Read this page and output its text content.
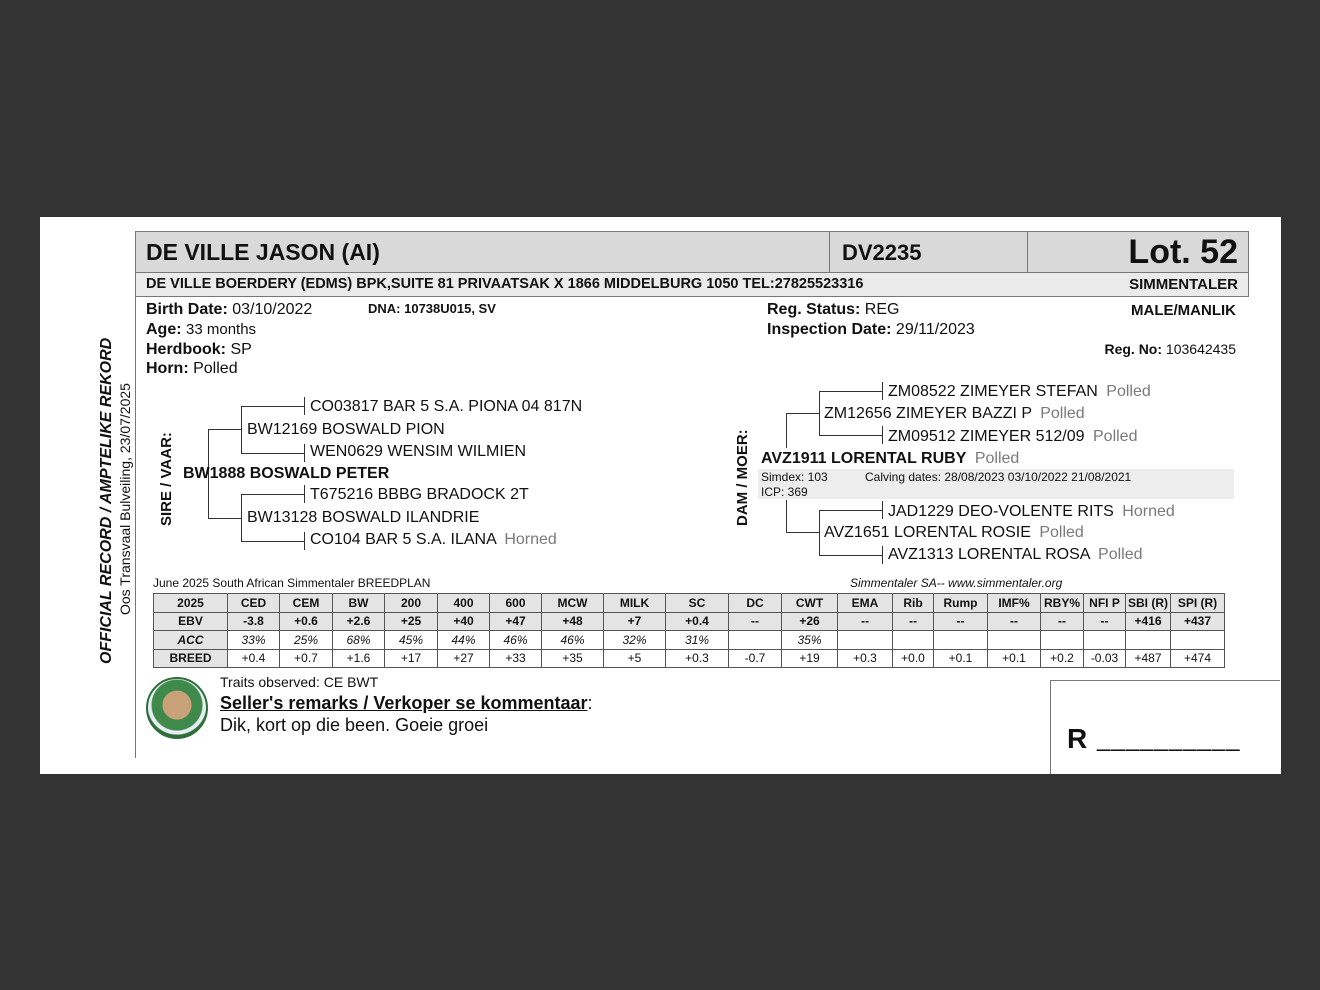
DE VILLE JASON (AI)	DV2235	Lot. 52
DE VILLE BOERDERY (EDMS) BPK,SUITE 81 PRIVAATSAK X 1866 MIDDELBURG 1050 TEL:27825523316	SIMMENTALER
Birth Date: 03/10/2022	DNA: 10738U015, SV
Age: 33 months
Herdbook: SP
Horn: Polled
Reg. Status: REG
Inspection Date: 29/11/2023
MALE/MANLIK
Reg. No: 103642435
SIRE / VAAR:
CO03817 BAR 5 S.A. PIONA 04 817N
BW12169 BOSWALD PION
WEN0629 WENSIM WILMIEN
BW1888 BOSWALD PETER
T675216 BBBG BRADOCK 2T
BW13128 BOSWALD ILANDRIE
CO104 BAR 5 S.A. ILANA Horned
DAM / MOER:
ZM08522 ZIMEYER STEFAN Polled
ZM12656 ZIMEYER BAZZI P Polled
ZM09512 ZIMEYER 512/09 Polled
AVZ1911 LORENTAL RUBY Polled
Simdex: 103
ICP: 369
Calving dates: 28/08/2023 03/10/2022 21/08/2021
JAD1229 DEO-VOLENTE RITS Horned
AVZ1651 LORENTAL ROSIE Polled
AVZ1313 LORENTAL ROSA Polled
June 2025 South African Simmentaler BREEDPLAN	Simmentaler SA-- www.simmentaler.org
2025	CED	CEM	BW	200	400	600	MCW	MILK	SC	DC	CWT	EMA	Rib	Rump	IMF%	RBY%	NFI P	SBI (R)	SPI (R)
EBV	-3.8	+0.6	+2.6	+25	+40	+47	+48	+7	+0.4	--	+26	--	--	--	--	--	--	+416	+437
ACC	33%	25%	68%	45%	44%	46%	46%	32%	31%		35%								
BREED	+0.4	+0.7	+1.6	+17	+27	+33	+35	+5	+0.3	-0.7	+19	+0.3	+0.0	+0.1	+0.1	+0.2	-0.03	+487	+474
Traits observed: CE BWT
Seller's remarks / Verkoper se kommentaar:
Dik, kort op die been. Goeie groei	R __________
OFFICIAL RECORD / AMPTELIKE REKORD Oos Transvaal Bulveiling, 23/07/2025
